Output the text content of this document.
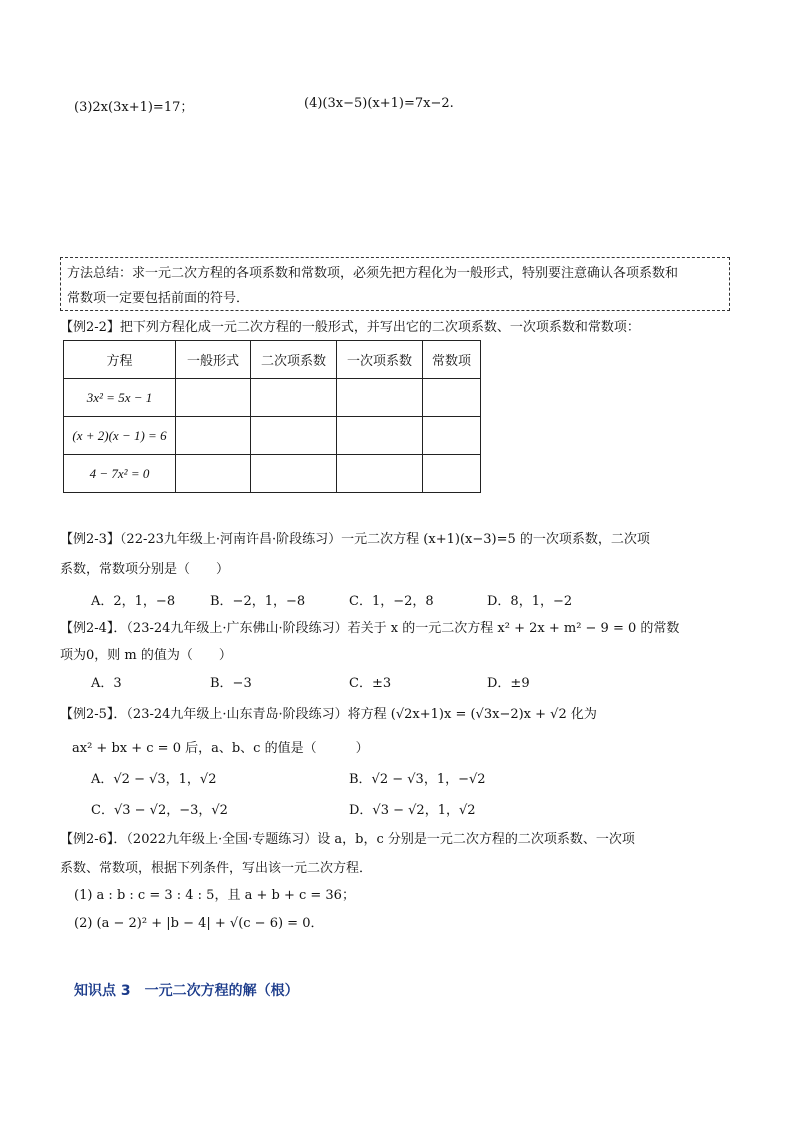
(3)2x(3x+1)=17；	(4)(3x−5)(x+1)=7x−2.
方法总结：求一元二次方程的各项系数和常数项，必须先把方程化为一般形式，特别要注意确认各项系数和
常数项一定要包括前面的符号．
【例2-2】把下列方程化成一元二次方程的一般形式，并写出它的二次项系数、一次项系数和常数项：
方程	一般形式	二次项系数	一次项系数	常数项
3x² = 5x − 1				
(x + 2)(x − 1) = 6				
4 − 7x² = 0				
【例2-3】（22-23九年级上·河南许昌·阶段练习）一元二次方程 (x+1)(x−3)=5 的一次项系数，二次项
系数，常数项分别是（　　）
A．2，1，−8	B．−2，1，−8	C．1，−2，8	D．8，1，−2
【例2-4】．（23-24九年级上·广东佛山·阶段练习）若关于 x 的一元二次方程 x² + 2x + m² − 9 = 0 的常数
项为0，则 m 的值为（　　）
A．3	B．−3	C．±3	D．±9
【例2-5】．（23-24九年级上·山东青岛·阶段练习）将方程 (√2x+1)x = (√3x−2)x + √2 化为
ax² + bx + c = 0 后，a、b、c 的值是（　　　）
A．√2 − √3，1，√2	B．√2 − √3，1，−√2
C．√3 − √2，−3，√2	D．√3 − √2，1，√2
【例2-6】．（2022九年级上·全国·专题练习）设 a，b，c 分别是一元二次方程的二次项系数、一次项
系数、常数项，根据下列条件，写出该一元二次方程．
(1) a : b : c = 3 : 4 : 5，且 a + b + c = 36；
(2) (a − 2)² + |b − 4| + √(c − 6) = 0．
知识点 3　一元二次方程的解（根）
